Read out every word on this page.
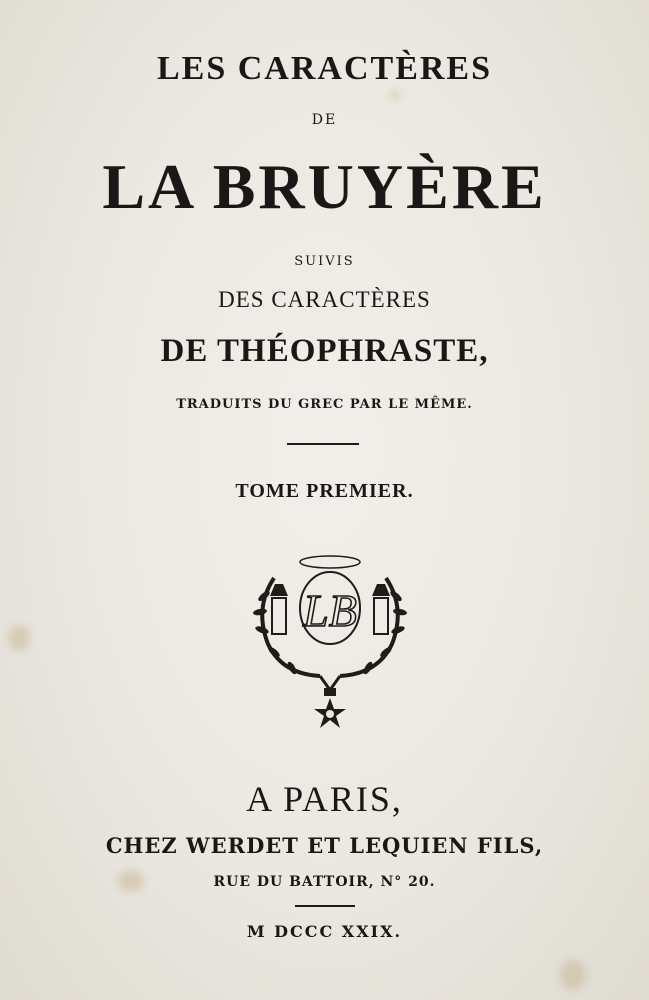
LES CARACTÈRES
DE
LA BRUYÈRE
SUIVIS
DES CARACTÈRES
DE THÉOPHRASTE,
TRADUITS DU GREC PAR LE MÊME.
TOME PREMIER.
LB
A PARIS,
CHEZ WERDET ET LEQUIEN FILS,
RUE DU BATTOIR, N° 20.
M DCCC XXIX.
